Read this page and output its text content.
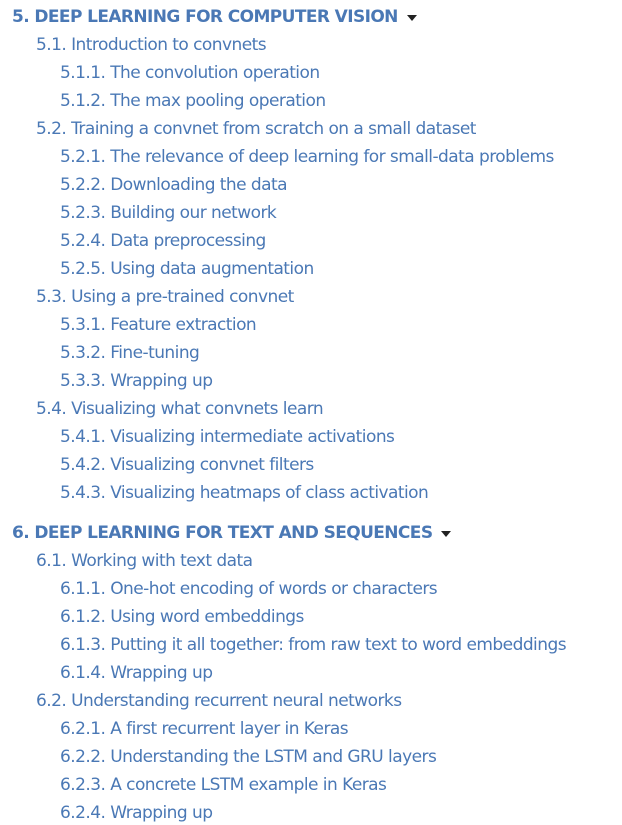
5. DEEP LEARNING FOR COMPUTER VISION
5.1. Introduction to convnets
5.1.1. The convolution operation
5.1.2. The max pooling operation
5.2. Training a convnet from scratch on a small dataset
5.2.1. The relevance of deep learning for small-data problems
5.2.2. Downloading the data
5.2.3. Building our network
5.2.4. Data preprocessing
5.2.5. Using data augmentation
5.3. Using a pre-trained convnet
5.3.1. Feature extraction
5.3.2. Fine-tuning
5.3.3. Wrapping up
5.4. Visualizing what convnets learn
5.4.1. Visualizing intermediate activations
5.4.2. Visualizing convnet filters
5.4.3. Visualizing heatmaps of class activation
6. DEEP LEARNING FOR TEXT AND SEQUENCES
6.1. Working with text data
6.1.1. One-hot encoding of words or characters
6.1.2. Using word embeddings
6.1.3. Putting it all together: from raw text to word embeddings
6.1.4. Wrapping up
6.2. Understanding recurrent neural networks
6.2.1. A first recurrent layer in Keras
6.2.2. Understanding the LSTM and GRU layers
6.2.3. A concrete LSTM example in Keras
6.2.4. Wrapping up
